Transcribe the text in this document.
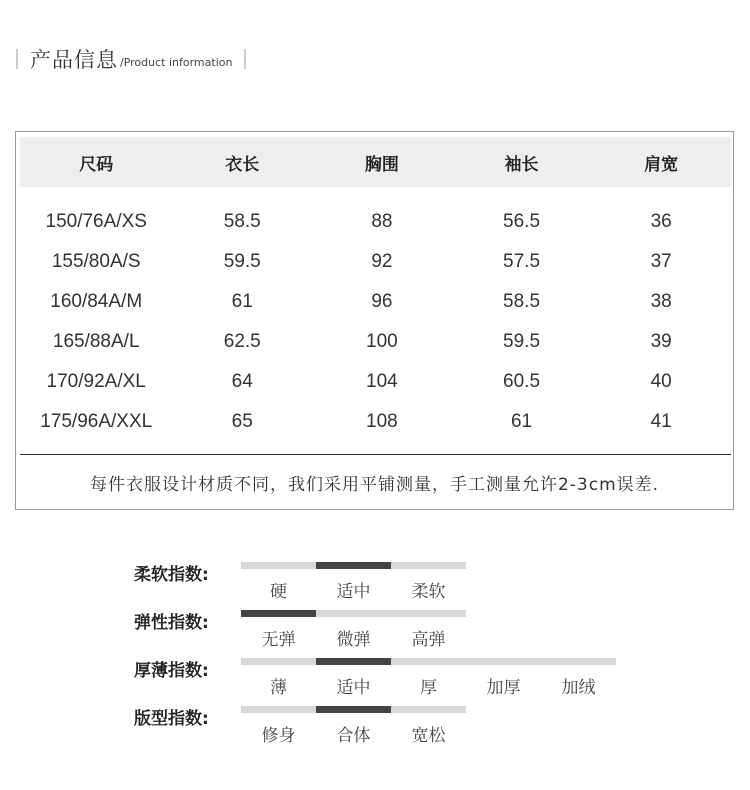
产品信息 /Product information
尺码	衣长	胸围	袖长	肩宽
150/76A/XS	58.5	88	56.5	36
155/80A/S	59.5	92	57.5	37
160/84A/M	61	96	58.5	38
165/88A/L	62.5	100	59.5	39
170/92A/XL	64	104	60.5	40
175/96A/XXL	65	108	61	41
每件衣服设计材质不同，我们采用平铺测量，手工测量允许2-3cm误差.
柔软指数:
硬	适中	柔软
弹性指数:
无弹	微弹	高弹
厚薄指数:
薄	适中	厚	加厚	加绒
版型指数:
修身	合体	宽松
